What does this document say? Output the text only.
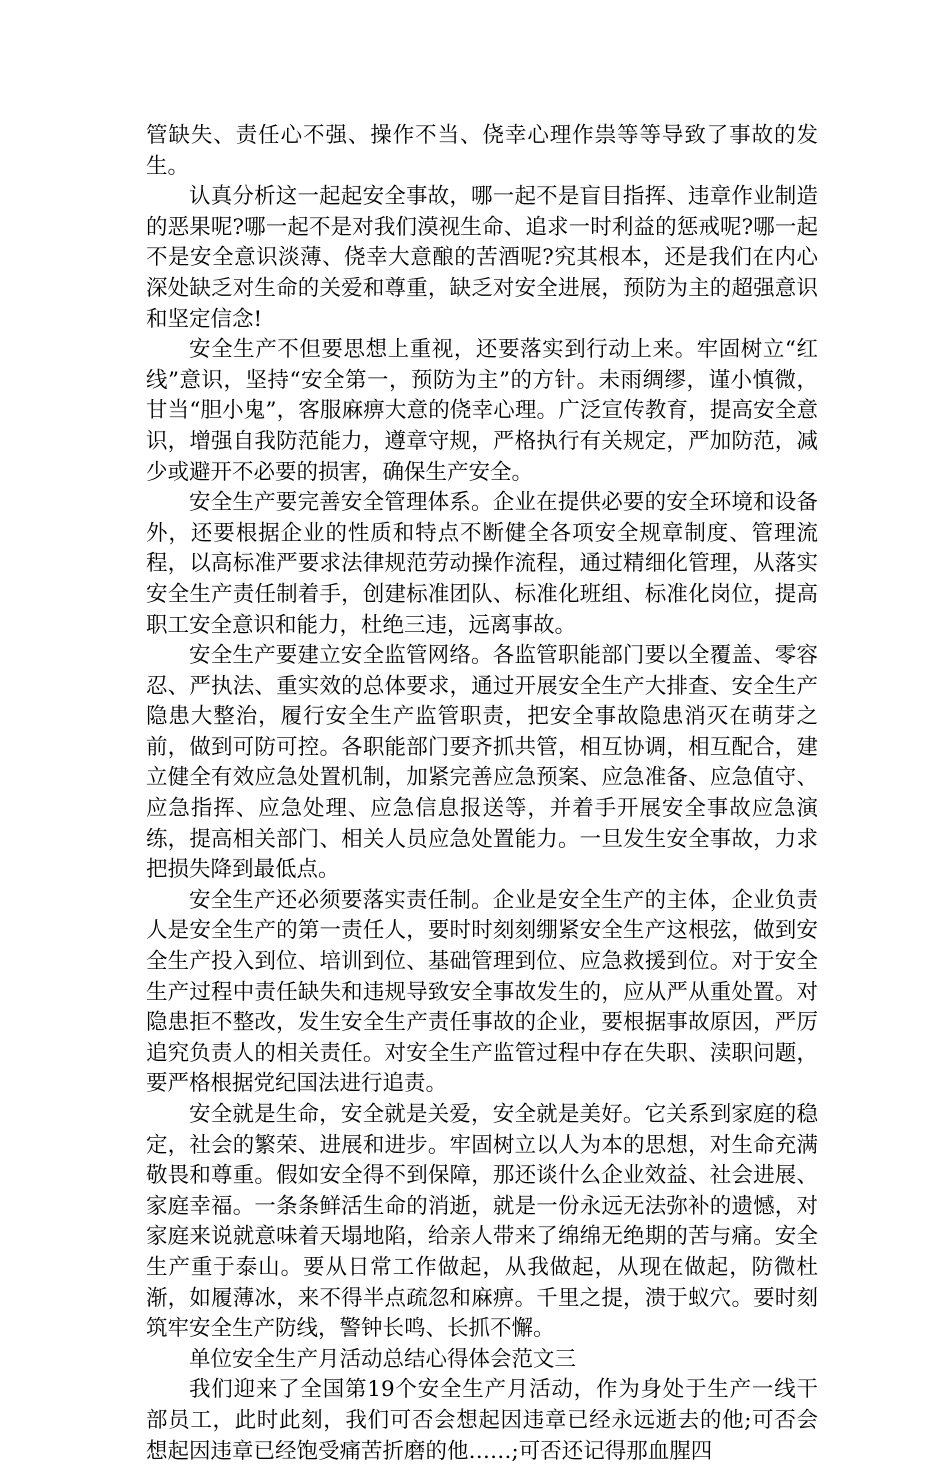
管缺失、责任心不强、操作不当、侥幸心理作祟等等导致了事故的发生。

认真分析这一起起安全事故，哪一起不是盲目指挥、违章作业制造的恶果呢?哪一起不是对我们漠视生命、追求一时利益的惩戒呢?哪一起不是安全意识淡薄、侥幸大意酿的苦酒呢?究其根本，还是我们在内心深处缺乏对生命的关爱和尊重，缺乏对安全进展，预防为主的超强意识和坚定信念!

安全生产不但要思想上重视，还要落实到行动上来。牢固树立“红线”意识，坚持“安全第一，预防为主”的方针。未雨绸缪，谨小慎微，甘当“胆小鬼”，客服麻痹大意的侥幸心理。广泛宣传教育，提高安全意识，增强自我防范能力，遵章守规，严格执行有关规定，严加防范，减少或避开不必要的损害，确保生产安全。

安全生产要完善安全管理体系。企业在提供必要的安全环境和设备外，还要根据企业的性质和特点不断健全各项安全规章制度、管理流程，以高标准严要求法律规范劳动操作流程，通过精细化管理，从落实安全生产责任制着手，创建标准团队、标准化班组、标准化岗位，提高职工安全意识和能力，杜绝三违，远离事故。

安全生产要建立安全监管网络。各监管职能部门要以全覆盖、零容忍、严执法、重实效的总体要求，通过开展安全生产大排查、安全生产隐患大整治，履行安全生产监管职责，把安全事故隐患消灭在萌芽之前，做到可防可控。各职能部门要齐抓共管，相互协调，相互配合，建立健全有效应急处置机制，加紧完善应急预案、应急准备、应急值守、应急指挥、应急处理、应急信息报送等，并着手开展安全事故应急演练，提高相关部门、相关人员应急处置能力。一旦发生安全事故，力求把损失降到最低点。

安全生产还必须要落实责任制。企业是安全生产的主体，企业负责人是安全生产的第一责任人，要时时刻刻绷紧安全生产这根弦，做到安全生产投入到位、培训到位、基础管理到位、应急救援到位。对于安全生产过程中责任缺失和违规导致安全事故发生的，应从严从重处置。对隐患拒不整改，发生安全生产责任事故的企业，要根据事故原因，严厉追究负责人的相关责任。对安全生产监管过程中存在失职、渎职问题，要严格根据党纪国法进行追责。

安全就是生命，安全就是关爱，安全就是美好。它关系到家庭的稳定，社会的繁荣、进展和进步。牢固树立以人为本的思想，对生命充满敬畏和尊重。假如安全得不到保障，那还谈什么企业效益、社会进展、家庭幸福。一条条鲜活生命的消逝，就是一份永远无法弥补的遗憾，对家庭来说就意味着天塌地陷，给亲人带来了绵绵无绝期的苦与痛。安全生产重于泰山。要从日常工作做起，从我做起，从现在做起，防微杜渐，如履薄冰，来不得半点疏忽和麻痹。千里之提，溃于蚁穴。要时刻筑牢安全生产防线，警钟长鸣、长抓不懈。

单位安全生产月活动总结心得体会范文三

我们迎来了全国第19个安全生产月活动，作为身处于生产一线干部员工，此时此刻，我们可否会想起因违章已经永远逝去的他;可否会想起因违章已经饱受痛苦折磨的他……;可否还记得那血腥四
